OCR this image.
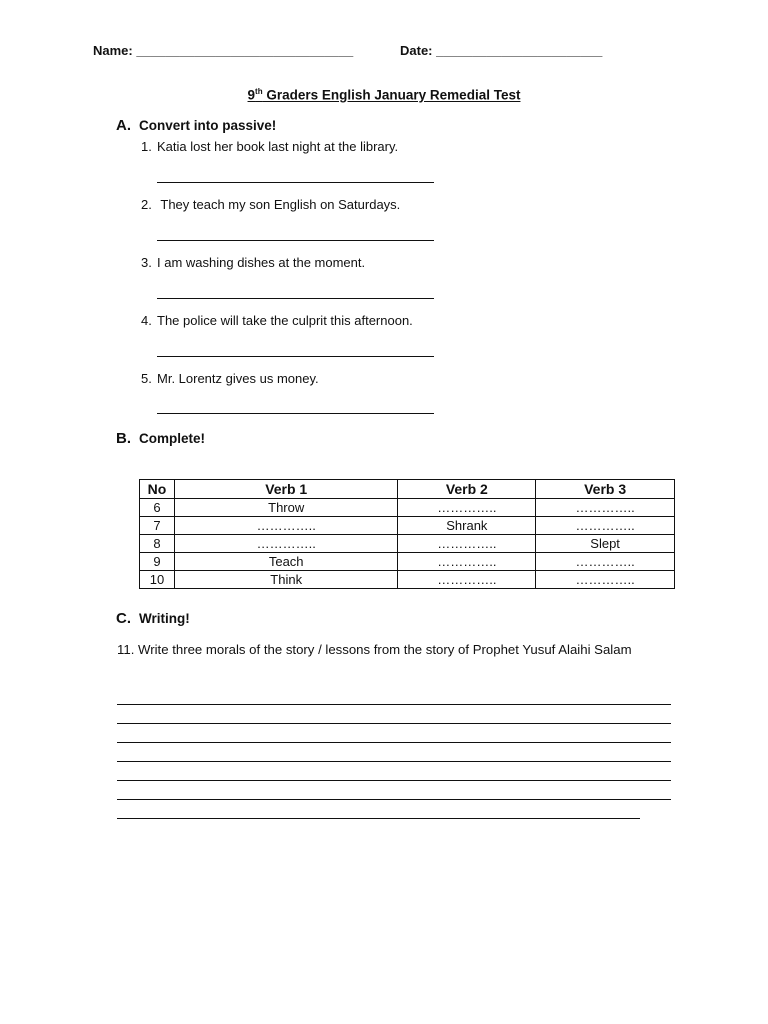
Name: ______________________________	Date: _______________________
9th Graders English January Remedial Test
A. Convert into passive!
1. Katia lost her book last night at the library.
2. They teach my son English on Saturdays.
3. I am washing dishes at the moment.
4. The police will take the culprit this afternoon.
5. Mr. Lorentz gives us money.
B. Complete!
No	Verb 1	Verb 2	Verb 3
6	Throw	…………..	…………..
7	…………..	Shrank	…………..
8	…………..	…………..	Slept
9	Teach	…………..	…………..
10	Think	…………..	…………..
C. Writing!
11. Write three morals of the story / lessons from the story of Prophet Yusuf Alaihi Salam
